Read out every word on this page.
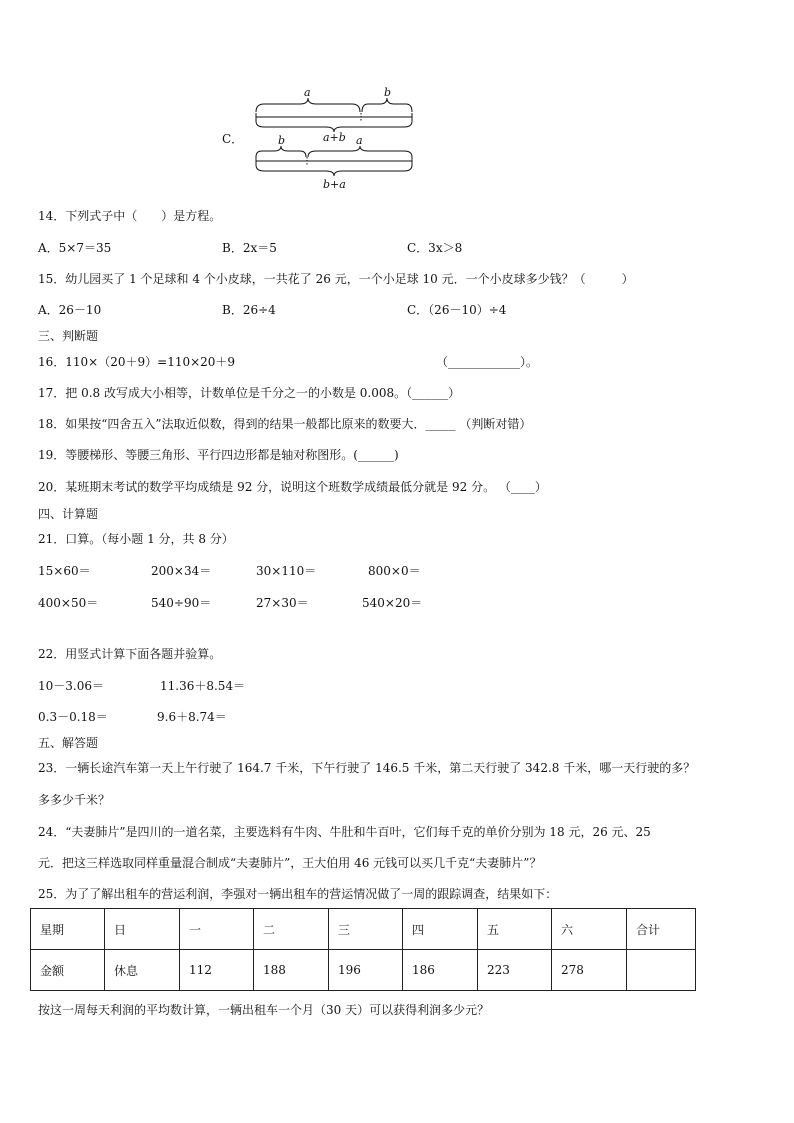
C．
a	b
a+b
b	a
b+a
14．下列式子中（　　）是方程。
A．5×7＝35	B．2x＝5	C．3x＞8
15．幼儿园买了 1 个足球和 4 个小皮球，一共花了 26 元，一个小足球 10 元．一个小皮球多少钱？（　　　）
A．26－10	B．26÷4	C．（26－10）÷4
三、判断题
16．110×（20＋9）=110×20＋9	（____________）。
17．把 0.8 改写成大小相等，计数单位是千分之一的小数是 0.008。（______）
18．如果按“四舍五入”法取近似数，得到的结果一般都比原来的数要大．_____ （判断对错）
19．等腰梯形、等腰三角形、平行四边形都是轴对称图形。(______)
20．某班期末考试的数学平均成绩是 92 分，说明这个班数学成绩最低分就是 92 分。 （____）
四、计算题
21．口算。（每小题 1 分，共 8 分）
15×60＝	200×34＝	30×110＝	800×0＝
400×50＝	540÷90＝	27×30＝	540×20＝
22．用竖式计算下面各题并验算。
10－3.06＝	11.36＋8.54＝
0.3－0.18＝	9.6＋8.74＝
五、解答题
23．一辆长途汽车第一天上午行驶了 164.7 千米，下午行驶了 146.5 千米，第二天行驶了 342.8 千米，哪一天行驶的多？
多多少千米？
24．“夫妻肺片”是四川的一道名菜，主要选料有牛肉、牛肚和牛百叶，它们每千克的单价分别为 18 元，26 元、25
元．把这三样选取同样重量混合制成“夫妻肺片”，王大伯用 46 元钱可以买几千克“夫妻肺片”？
25．为了了解出租车的营运利润，李强对一辆出租车的营运情况做了一周的跟踪调查，结果如下：
星期	日	一	二	三	四	五	六	合计
金额	休息	112	188	196	186	223	278	
按这一周每天利润的平均数计算，一辆出租车一个月（30 天）可以获得利润多少元？
